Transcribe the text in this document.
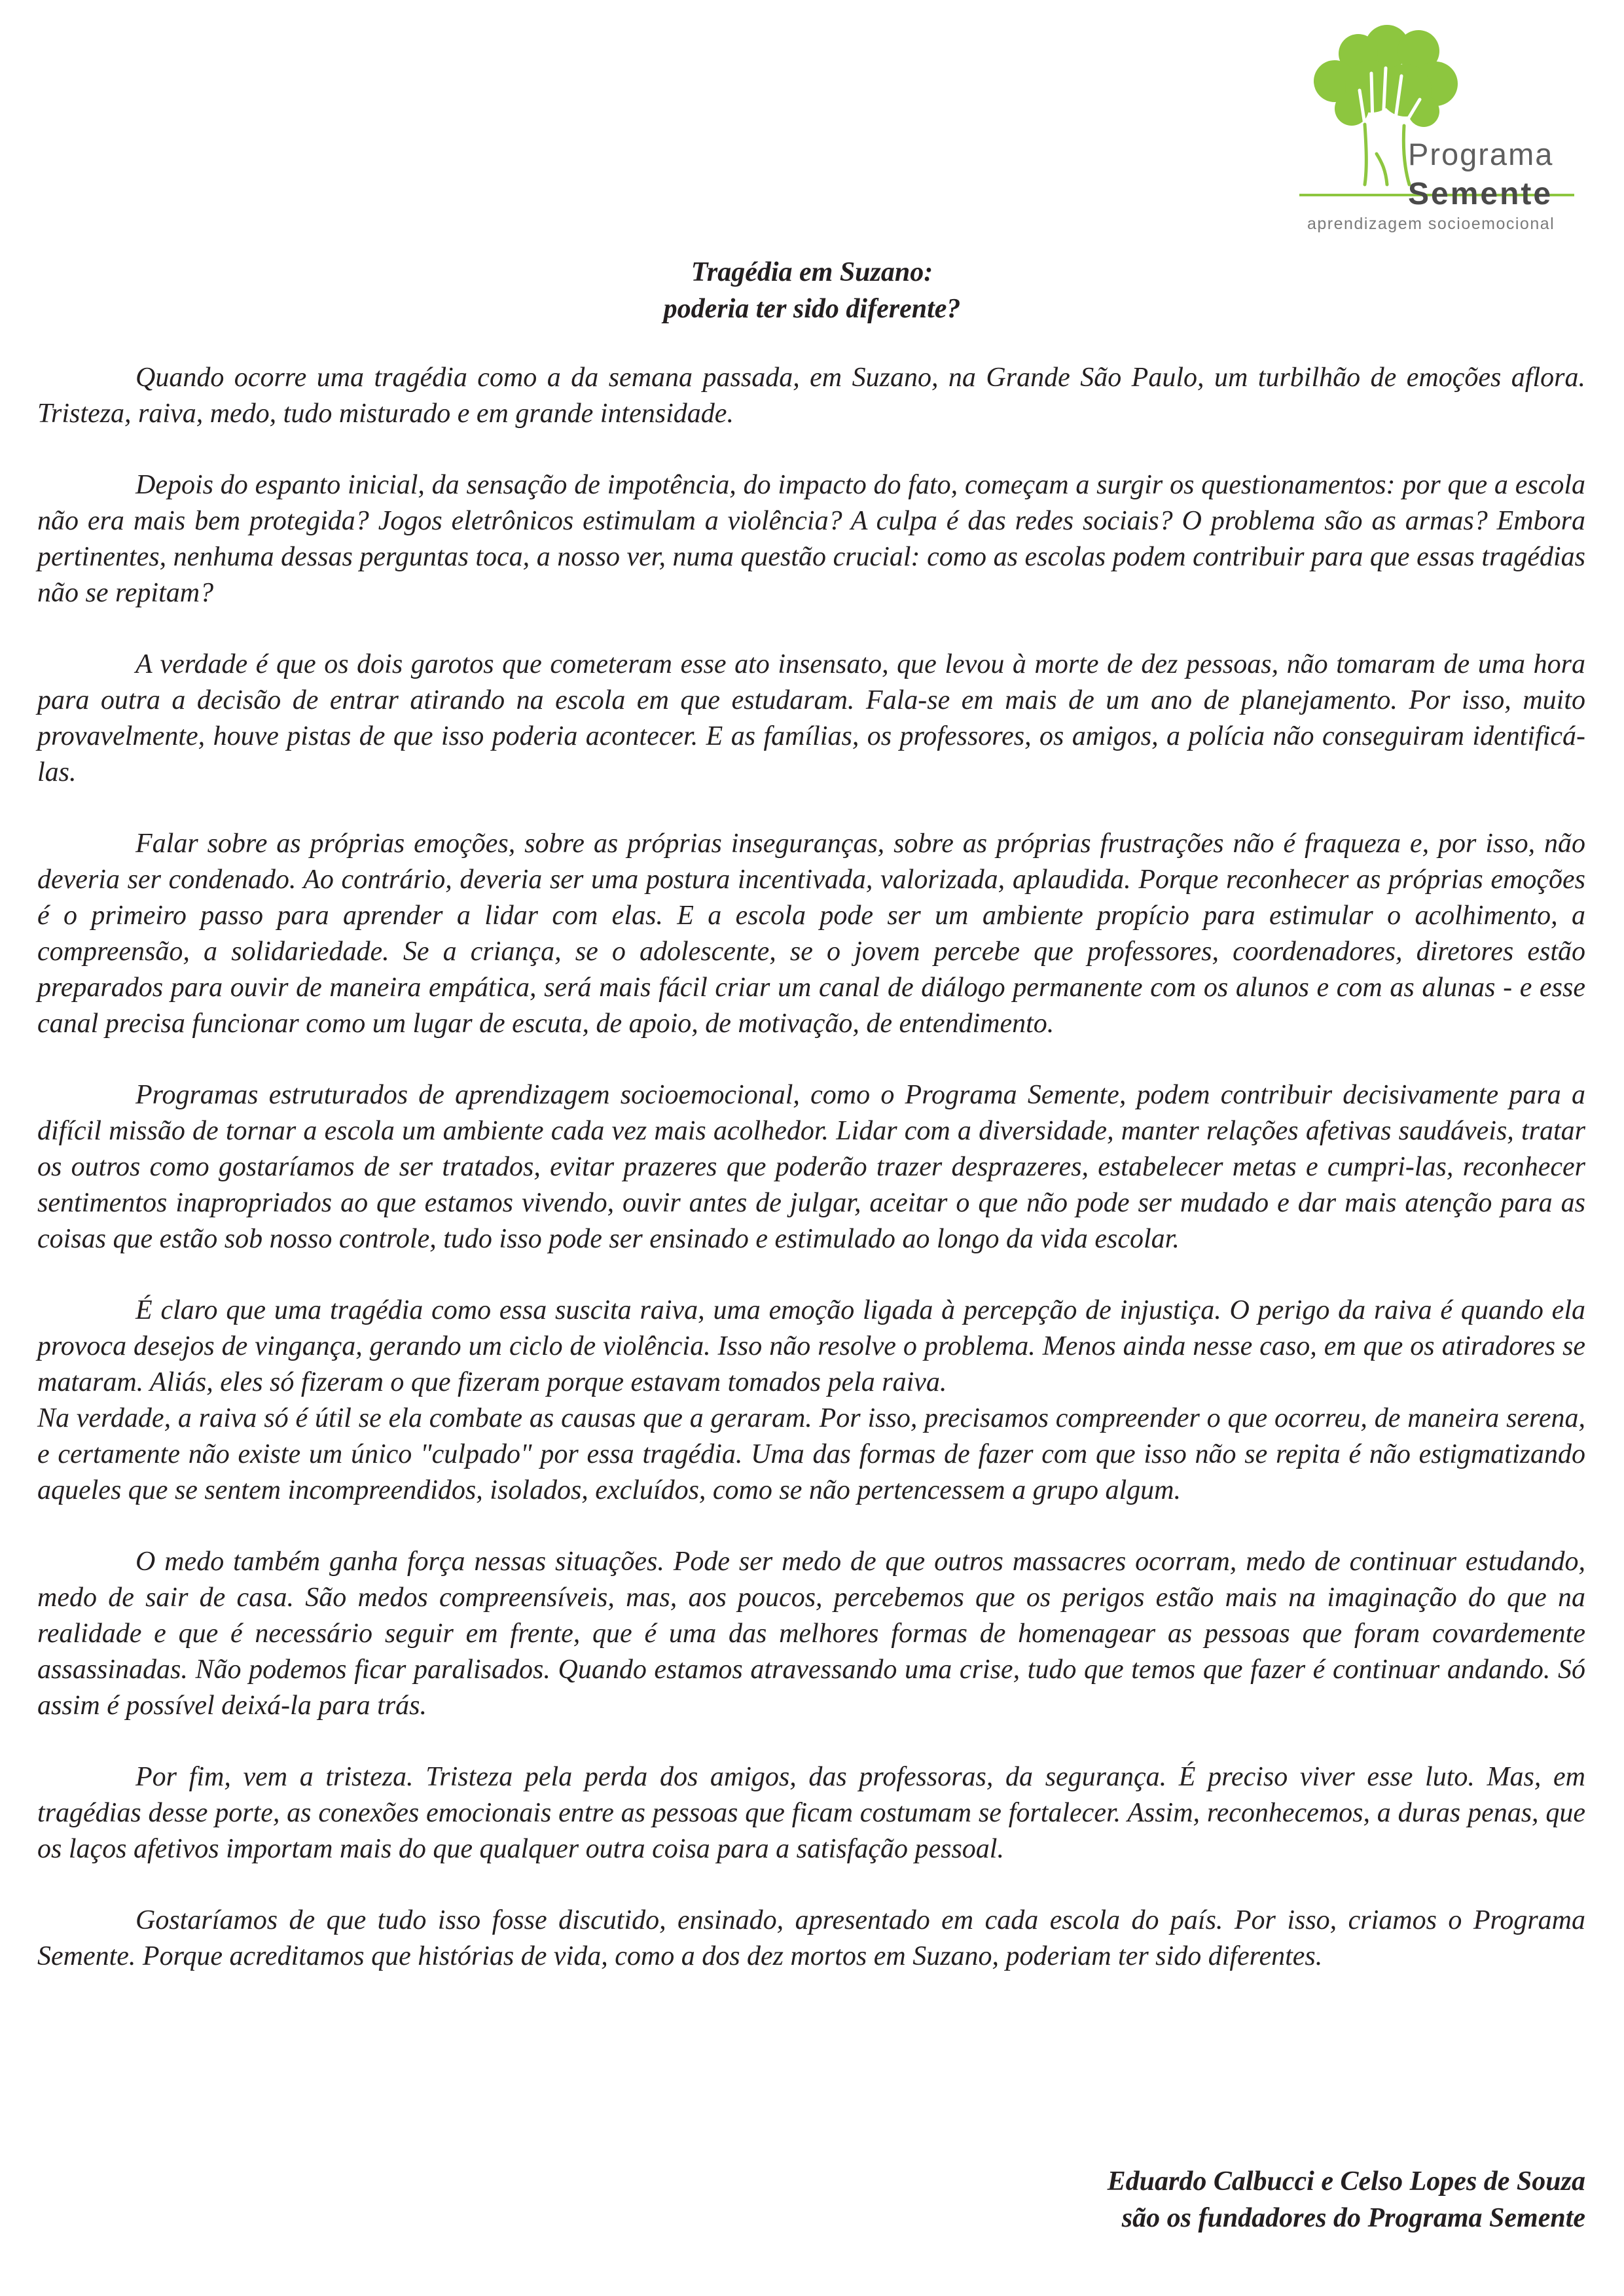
Programa
Semente
aprendizagem socioemocional
Tragédia em Suzano:
poderia ter sido diferente?

Quando ocorre uma tragédia como a da semana passada, em Suzano, na Grande São Paulo, um turbilhão de emoções aflora. Tristeza, raiva, medo, tudo misturado e em grande intensidade.

Depois do espanto inicial, da sensação de impotência, do impacto do fato, começam a surgir os questionamentos: por que a escola não era mais bem protegida? Jogos eletrônicos estimulam a violência? A culpa é das redes sociais? O problema são as armas? Embora pertinentes, nenhuma dessas perguntas toca, a nosso ver, numa questão crucial: como as escolas podem contribuir para que essas tragédias não se repitam?

A verdade é que os dois garotos que cometeram esse ato insensato, que levou à morte de dez pessoas, não tomaram de uma hora para outra a decisão de entrar atirando na escola em que estudaram. Fala-se em mais de um ano de planejamento. Por isso, muito provavelmente, houve pistas de que isso poderia acontecer. E as famílias, os professores, os amigos, a polícia não conseguiram identificá-las.

Falar sobre as próprias emoções, sobre as próprias inseguranças, sobre as próprias frustrações não é fraqueza e, por isso, não deveria ser condenado. Ao contrário, deveria ser uma postura incentivada, valorizada, aplaudida. Porque reconhecer as próprias emoções é o primeiro passo para aprender a lidar com elas. E a escola pode ser um ambiente propício para estimular o acolhimento, a compreensão, a solidariedade. Se a criança, se o adolescente, se o jovem percebe que professores, coordenadores, diretores estão preparados para ouvir de maneira empática, será mais fácil criar um canal de diálogo permanente com os alunos e com as alunas - e esse canal precisa funcionar como um lugar de escuta, de apoio, de motivação, de entendimento.

Programas estruturados de aprendizagem socioemocional, como o Programa Semente, podem contribuir decisivamente para a difícil missão de tornar a escola um ambiente cada vez mais acolhedor. Lidar com a diversidade, manter relações afetivas saudáveis, tratar os outros como gostaríamos de ser tratados, evitar prazeres que poderão trazer desprazeres, estabelecer metas e cumpri-las, reconhecer sentimentos inapropriados ao que estamos vivendo, ouvir antes de julgar, aceitar o que não pode ser mudado e dar mais atenção para as coisas que estão sob nosso controle, tudo isso pode ser ensinado e estimulado ao longo da vida escolar.

É claro que uma tragédia como essa suscita raiva, uma emoção ligada à percepção de injustiça. O perigo da raiva é quando ela provoca desejos de vingança, gerando um ciclo de violência. Isso não resolve o problema. Menos ainda nesse caso, em que os atiradores se mataram. Aliás, eles só fizeram o que fizeram porque estavam tomados pela raiva.

Na verdade, a raiva só é útil se ela combate as causas que a geraram. Por isso, precisamos compreender o que ocorreu, de maneira serena, e certamente não existe um único "culpado" por essa tragédia. Uma das formas de fazer com que isso não se repita é não estigmatizando aqueles que se sentem incompreendidos, isolados, excluídos, como se não pertencessem a grupo algum.

O medo também ganha força nessas situações. Pode ser medo de que outros massacres ocorram, medo de continuar estudando, medo de sair de casa. São medos compreensíveis, mas, aos poucos, percebemos que os perigos estão mais na imaginação do que na realidade e que é necessário seguir em frente, que é uma das melhores formas de homenagear as pessoas que foram covardemente assassinadas. Não podemos ficar paralisados. Quando estamos atravessando uma crise, tudo que temos que fazer é continuar andando. Só assim é possível deixá-la para trás.

Por fim, vem a tristeza. Tristeza pela perda dos amigos, das professoras, da segurança. É preciso viver esse luto. Mas, em tragédias desse porte, as conexões emocionais entre as pessoas que ficam costumam se fortalecer. Assim, reconhecemos, a duras penas, que os laços afetivos importam mais do que qualquer outra coisa para a satisfação pessoal.

Gostaríamos de que tudo isso fosse discutido, ensinado, apresentado em cada escola do país. Por isso, criamos o Programa Semente. Porque acreditamos que histórias de vida, como a dos dez mortos em Suzano, poderiam ter sido diferentes.

Eduardo Calbucci e Celso Lopes de Souza
são os fundadores do Programa Semente
